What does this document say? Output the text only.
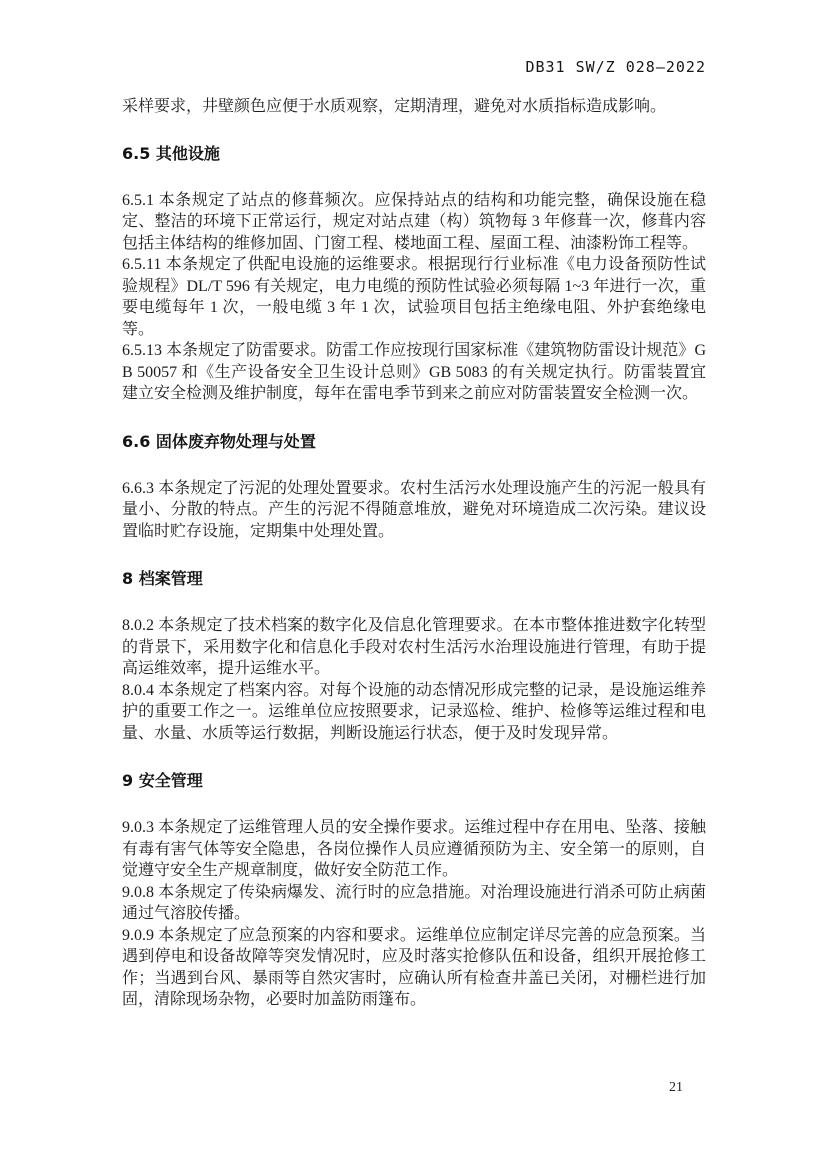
DB31 SW/Z 028—2022

采样要求，井壁颜色应便于水质观察，定期清理，避免对水质指标造成影响。

6.5 其他设施

6.5.1 本条规定了站点的修葺频次。应保持站点的结构和功能完整，确保设施在稳定、整洁的环境下正常运行，规定对站点建（构）筑物每 3 年修葺一次，修葺内容包括主体结构的维修加固、门窗工程、楼地面工程、屋面工程、油漆粉饰工程等。

6.5.11 本条规定了供配电设施的运维要求。根据现行行业标准《电力设备预防性试验规程》DL/T 596 有关规定，电力电缆的预防性试验必须每隔 1~3 年进行一次，重要电缆每年 1 次，一般电缆 3 年 1 次，试验项目包括主绝缘电阻、外护套绝缘电等。

6.5.13 本条规定了防雷要求。防雷工作应按现行国家标准《建筑物防雷设计规范》GB 50057 和《生产设备安全卫生设计总则》GB 5083 的有关规定执行。防雷装置宜建立安全检测及维护制度，每年在雷电季节到来之前应对防雷装置安全检测一次。

6.6 固体废弃物处理与处置

6.6.3 本条规定了污泥的处理处置要求。农村生活污水处理设施产生的污泥一般具有量小、分散的特点。产生的污泥不得随意堆放，避免对环境造成二次污染。建议设置临时贮存设施，定期集中处理处置。

8 档案管理

8.0.2 本条规定了技术档案的数字化及信息化管理要求。在本市整体推进数字化转型的背景下，采用数字化和信息化手段对农村生活污水治理设施进行管理，有助于提高运维效率，提升运维水平。

8.0.4 本条规定了档案内容。对每个设施的动态情况形成完整的记录，是设施运维养护的重要工作之一。运维单位应按照要求，记录巡检、维护、检修等运维过程和电量、水量、水质等运行数据，判断设施运行状态，便于及时发现异常。

9 安全管理

9.0.3 本条规定了运维管理人员的安全操作要求。运维过程中存在用电、坠落、接触有毒有害气体等安全隐患，各岗位操作人员应遵循预防为主、安全第一的原则，自觉遵守安全生产规章制度，做好安全防范工作。

9.0.8 本条规定了传染病爆发、流行时的应急措施。对治理设施进行消杀可防止病菌通过气溶胶传播。

9.0.9 本条规定了应急预案的内容和要求。运维单位应制定详尽完善的应急预案。当遇到停电和设备故障等突发情况时，应及时落实抢修队伍和设备，组织开展抢修工作；当遇到台风、暴雨等自然灾害时，应确认所有检查井盖已关闭，对栅栏进行加固，清除现场杂物，必要时加盖防雨篷布。

21
